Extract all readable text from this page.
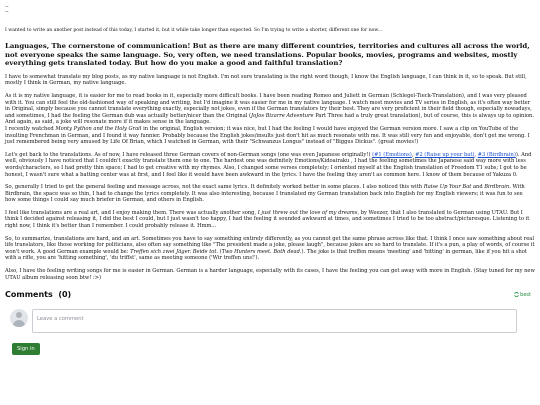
..
··
I wanted to write an another post instead of this today, I started it, but it while take longer than expected. So I'm trying to write a shorter, different one for now...
Languages, The cornerstone of communication! But as there are many different countries, territories and cultures all across the world, not everyone speaks the same language. So, very often, we need translations. Popular books, movies, programs and websites, mostly everything gets translated today. But how do you make a good and faithful translation?

I have to somewhat translate my blog posts, as my native language is not English. I'm not sure translating is the right word though, I know the English language, I can think in it, so to speak. But still, mostly I think in German, my native language.

As it is my native language, it is easier for me to read books in it, especially more difficult books. I have been reading Romeo and Juliett in German (Schlegel-Tieck-Translation), and I was very pleased with it. You can still feel the old-fashioned way of speaking and writing, but I'd imagine it was easier for me in my native language. I watch most movies and TV series in English, as it's often way better in Original, simply because you cannot translate everything exactly, especially not jokes, even if the German translators try their best. They are very proficient in their field though, especially nowadays, and sometimes, I had the feeling the German dub was actually better/nicer than the Original (JoJos Bizarre Adventure Part Three had a truly great translation), but of course, this is always up to opinion. And again, as said, a joke will resonate more if it makes sense in the language.
I recently watched Monty Python and the Holy Grail in the original, English version; it was nice, but I had the feeling I would have enjoyed the German version more. I saw a clip on YouTube of the insulting Frenchman in German, and I found it way funnier. Probably because the English jokes/insults just don't hit as much resonate with me. It was still very fun and enjoyable, don't get me wrong. I just remembered being very amused by Life Of Brian, which I watched in German, with their "Schwanzus Longus" instead of "Biggus Dickus". (great movies!)

Let's get back to the translations. As of now, I have released three German covers of non-German songs (one was even Japanese originally!) (#1 (Emotions), #2 (Raise up your bat), #3 (Birdbrain)). And well, obviously I have noticed that I couldn't exactly translate them one to one. The hardest one was definitely Emotions/Kidoairaku , I had the feeling sometimes the Japanese said way more with less words/characters, so I had pretty thin space; I had to get creative with my rhymes. Also, I changed some verses completely; I oriented myself at the English translation of Freedom T1 subs; I got to be honest, I wasn't sure what a batting center was at first, and I feel like it would have been awkward in the lyrics. I have the feeling they aren't as common here. I know of them because of Yakuza 0.

So, generally I tried to get the general feeling and message across, not the exact same lyrics. It definitely worked better in some places. I also noticed this with Raise Up Your Bat and Birdbrain. With Birdbrain, the space was so thin, I had to change the lyrics completely. It was also interesting, because I translated my German translation back into English for my English viewers; it was fun to see how some things I could say much briefer in German, and others in English.

I feel like translations are a real art, and I enjoy making them. There was actually another song, I just threw out the love of my dreams, by Weezer, that I also translated to German using UTAU. But I think I decided against releasing it, I did the best I could, but I just wasn't too happy, I had the feeling it sounded awkward at times, and sometimes I tried to be too abstract/picturesque. Listening to it right now, I think it's better than I remember. I could probably release it. Hmm...

So, to summarize, translations are hard, and an art. Sometimes you have to say something entirely differently, as you cannot get the same phrase across like that. I think I once saw something about real life translators, like those working for politicians, also often say something like "The president made a joke, please laugh", because jokes are so hard to translate. If it's a pun, a play of words, of course it won't work. A good German example would be: Treffen sich zwei Jäger. Beide tot. (Two Hunters meet. Both dead.). The joke is that treffen means 'meeting' and 'hitting' in german, like if you hit a shot with a rifle, you are 'hitting something', 'du triffst', same as meeting someone ('Wir treffen uns!').

Also, I have the feeling writing songs for me is easier in German. German is a harder language, especially with its cases, I have the feeling you can get away with more in English. (Stay tuned for my new UTAU album releasing soon btw! :>)

Comments (0)	best
Leave a comment
Sign in
